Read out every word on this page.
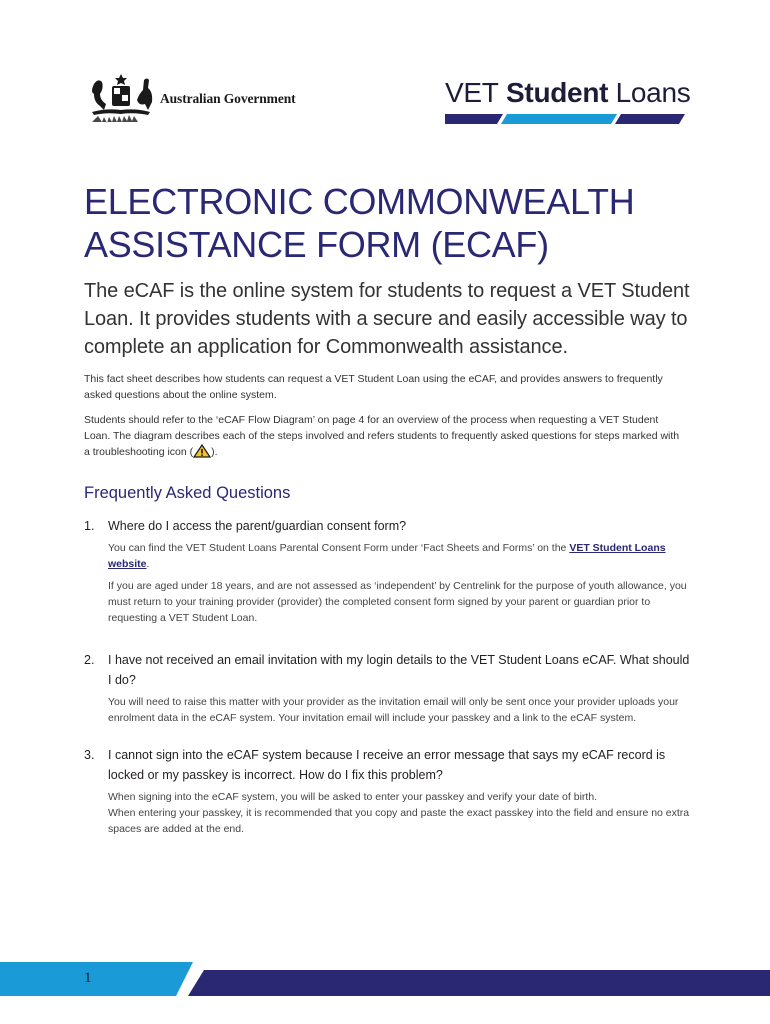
Australian Government	VET Student Loans
ELECTRONIC COMMONWEALTH ASSISTANCE FORM (ECAF)

The eCAF is the online system for students to request a VET Student Loan. It provides students with a secure and easily accessible way to complete an application for Commonwealth assistance.

This fact sheet describes how students can request a VET Student Loan using the eCAF, and provides answers to frequently asked questions about the online system.

Students should refer to the ‘eCAF Flow Diagram’ on page 4 for an overview of the process when requesting a VET Student Loan. The diagram describes each of the steps involved and refers students to frequently asked questions for steps marked with a troubleshooting icon ( ).

Frequently Asked Questions
1.	Where do I access the parent/guardian consent form?

You can find the VET Student Loans Parental Consent Form under ‘Fact Sheets and Forms’ on the VET Student Loans website.

If you are aged under 18 years, and are not assessed as ‘independent’ by Centrelink for the purpose of youth allowance, you must return to your training provider (provider) the completed consent form signed by your parent or guardian prior to requesting a VET Student Loan.

2.	I have not received an email invitation with my login details to the VET Student Loans eCAF. What should I do?

You will need to raise this matter with your provider as the invitation email will only be sent once your provider uploads your enrolment data in the eCAF system. Your invitation email will include your passkey and a link to the eCAF system.

3.	I cannot sign into the eCAF system because I receive an error message that says my eCAF record is locked or my passkey is incorrect. How do I fix this problem?
When signing into the eCAF system, you will be asked to enter your passkey and verify your date of birth.
When entering your passkey, it is recommended that you copy and paste the exact passkey into the field and ensure no extra spaces are added at the end.
1
